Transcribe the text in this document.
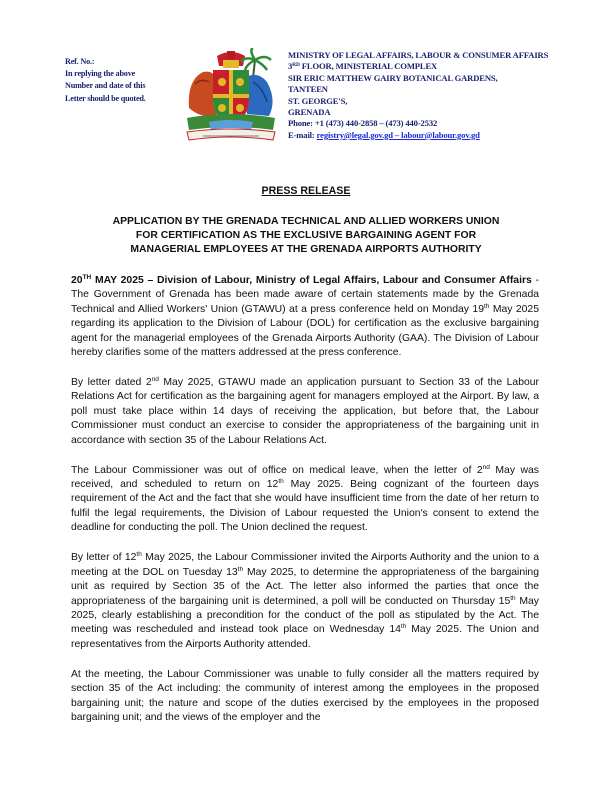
Ref. No.:
In replying the above
Number and date of this
Letter should be quoted.
MINISTRY OF LEGAL AFFAIRS, LABOUR & CONSUMER AFFAIRS
3RD FLOOR, MINISTERIAL COMPLEX
SIR ERIC MATTHEW GAIRY BOTANICAL GARDENS,
TANTEEN
ST. GEORGE'S,
GRENADA
Phone: +1 (473) 440-2858 – (473) 440-2532
E-mail: registry@legal.gov.gd – labour@labour.gov.gd
PRESS RELEASE
APPLICATION BY THE GRENADA TECHNICAL AND ALLIED WORKERS UNION
FOR CERTIFICATION AS THE EXCLUSIVE BARGAINING AGENT FOR
MANAGERIAL EMPLOYEES AT THE GRENADA AIRPORTS AUTHORITY

20TH MAY 2025 – Division of Labour, Ministry of Legal Affairs, Labour and Consumer Affairs - The Government of Grenada has been made aware of certain statements made by the Grenada Technical and Allied Workers' Union (GTAWU) at a press conference held on Monday 19th May 2025 regarding its application to the Division of Labour (DOL) for certification as the exclusive bargaining agent for the managerial employees of the Grenada Airports Authority (GAA). The Division of Labour hereby clarifies some of the matters addressed at the press conference.

By letter dated 2nd May 2025, GTAWU made an application pursuant to Section 33 of the Labour Relations Act for certification as the bargaining agent for managers employed at the Airport. By law, a poll must take place within 14 days of receiving the application, but before that, the Labour Commissioner must conduct an exercise to consider the appropriateness of the bargaining unit in accordance with section 35 of the Labour Relations Act.

The Labour Commissioner was out of office on medical leave, when the letter of 2nd May was received, and scheduled to return on 12th May 2025. Being cognizant of the fourteen days requirement of the Act and the fact that she would have insufficient time from the date of her return to fulfil the legal requirements, the Division of Labour requested the Union's consent to extend the deadline for conducting the poll. The Union declined the request.

By letter of 12th May 2025, the Labour Commissioner invited the Airports Authority and the union to a meeting at the DOL on Tuesday 13th May 2025, to determine the appropriateness of the bargaining unit as required by Section 35 of the Act. The letter also informed the parties that once the appropriateness of the bargaining unit is determined, a poll will be conducted on Thursday 15th May 2025, clearly establishing a precondition for the conduct of the poll as stipulated by the Act. The meeting was rescheduled and instead took place on Wednesday 14th May 2025. The Union and representatives from the Airports Authority attended.

At the meeting, the Labour Commissioner was unable to fully consider all the matters required by section 35 of the Act including: the community of interest among the employees in the proposed bargaining unit; the nature and scope of the duties exercised by the employees in the proposed bargaining unit; and the views of the employer and the
